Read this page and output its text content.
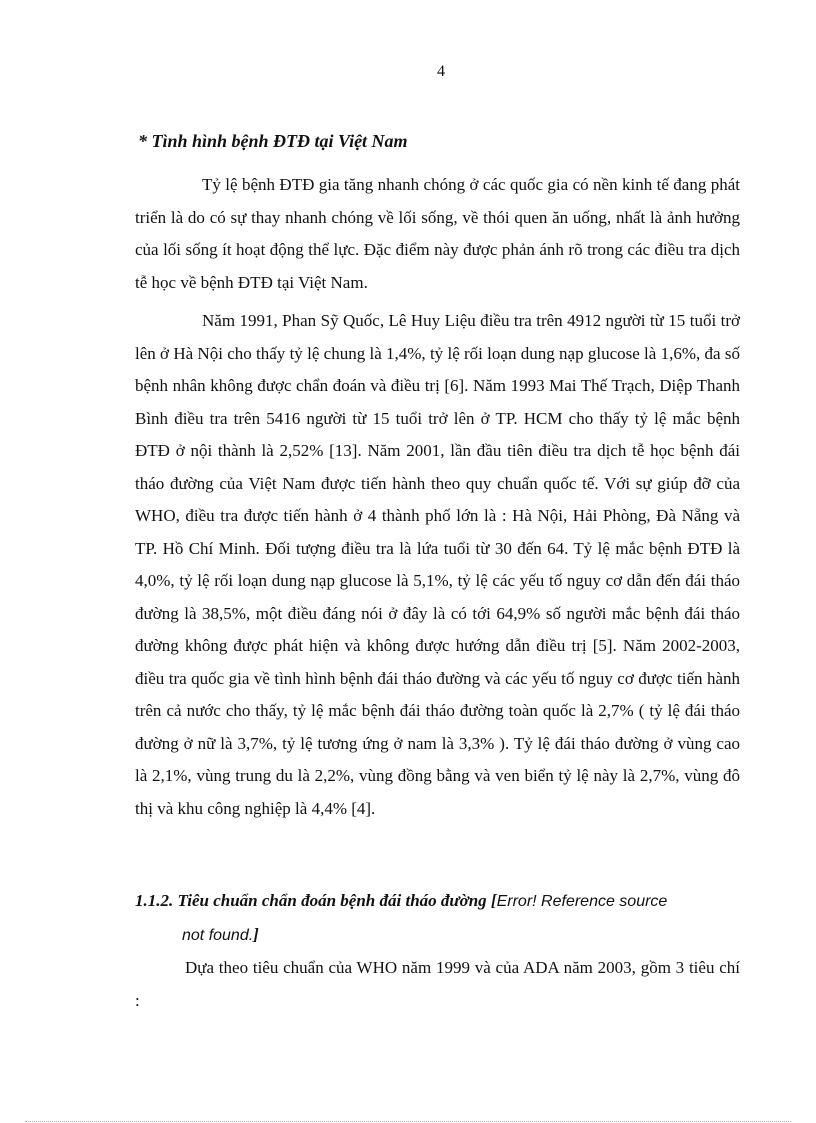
4
* Tình hình bệnh ĐTĐ tại Việt Nam

Tỷ lệ bệnh ĐTĐ gia tăng nhanh chóng ở các quốc gia có nền kinh tế đang phát triển là do có sự thay nhanh chóng về lối sống, về thói quen ăn uống, nhất là ảnh hưởng của lối sống ít hoạt động thể lực. Đặc điểm này được phản ánh rõ trong các điều tra dịch tễ học về bệnh ĐTĐ tại Việt Nam.

Năm 1991, Phan Sỹ Quốc, Lê Huy Liệu điều tra trên 4912 người từ 15 tuổi trở lên ở Hà Nội cho thấy tỷ lệ chung là 1,4%, tỷ lệ rối loạn dung nạp glucose là 1,6%, đa số bệnh nhân không được chẩn đoán và điều trị [6]. Năm 1993 Mai Thế Trạch, Diệp Thanh Bình điều tra trên 5416 người từ 15 tuổi trở lên ở TP. HCM cho thấy tỷ lệ mắc bệnh ĐTĐ ở nội thành là 2,52% [13]. Năm 2001, lần đầu tiên điều tra dịch tễ học bệnh đái tháo đường của Việt Nam được tiến hành theo quy chuẩn quốc tế. Với sự giúp đỡ của WHO, điều tra được tiến hành ở 4 thành phố lớn là : Hà Nội, Hải Phòng, Đà Nẵng và TP. Hồ Chí Minh. Đối tượng điều tra là lứa tuổi từ 30 đến 64. Tỷ lệ mắc bệnh ĐTĐ là 4,0%, tỷ lệ rối loạn dung nạp glucose là 5,1%, tỷ lệ các yếu tố nguy cơ dẫn đến đái tháo đường là 38,5%, một điều đáng nói ở đây là có tới 64,9% số người mắc bệnh đái tháo đường không được phát hiện và không được hướng dẫn điều trị [5]. Năm 2002-2003, điều tra quốc gia về tình hình bệnh đái tháo đường và các yếu tố nguy cơ được tiến hành trên cả nước cho thấy, tỷ lệ mắc bệnh đái tháo đường toàn quốc là 2,7% ( tỷ lệ đái tháo đường ở nữ là 3,7%, tỷ lệ tương ứng ở nam là 3,3% ). Tỷ lệ đái tháo đường ở vùng cao là 2,1%, vùng trung du là 2,2%, vùng đồng bằng và ven biển tỷ lệ này là 2,7%, vùng đô thị và khu công nghiệp là 4,4% [4].

1.1.2. Tiêu chuẩn chẩn đoán bệnh đái tháo đường [Error! Reference source
not found.]

Dựa theo tiêu chuẩn của WHO năm 1999 và của ADA năm 2003, gồm 3 tiêu chí :
